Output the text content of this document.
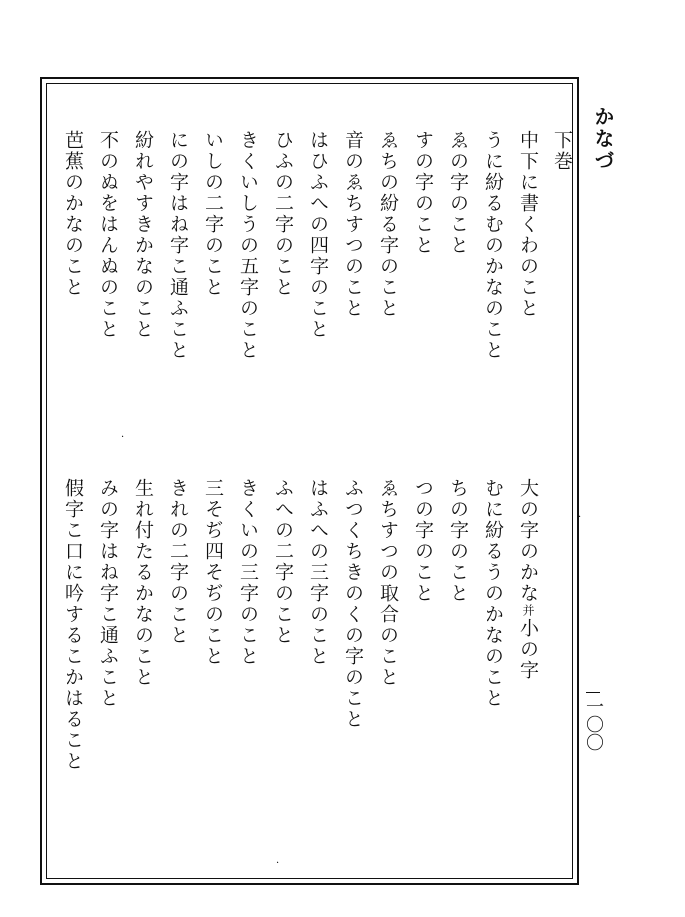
かなづ
一〇〇
下巻
中下に書くわのこと
うに紛るむのかなのこと
ゑの字のこと
すの字のこと
ゑちの紛る字のこと
音のゑちすつのこと
はひふへの四字のこと
ひふの二字のこと
きくいしうの五字のこと
いしの二字のこと
にの字はね字こ通ふこと
紛れやすきかなのこと
不のぬをはんぬのこと
芭蕉のかなのこと
大の字のかな并小の字
むに紛るうのかなのこと
ちの字のこと
つの字のこと
ゑちすつの取合のこと
ふつくちきのくの字のこと
はふへの三字のこと
ふへの二字のこと
きくいの三字のこと
三そぢ四そぢのこと
きれの二字のこと
生れ付たるかなのこと
みの字はね字こ通ふこと
假字こ口に吟するこかはること	·
·
·
